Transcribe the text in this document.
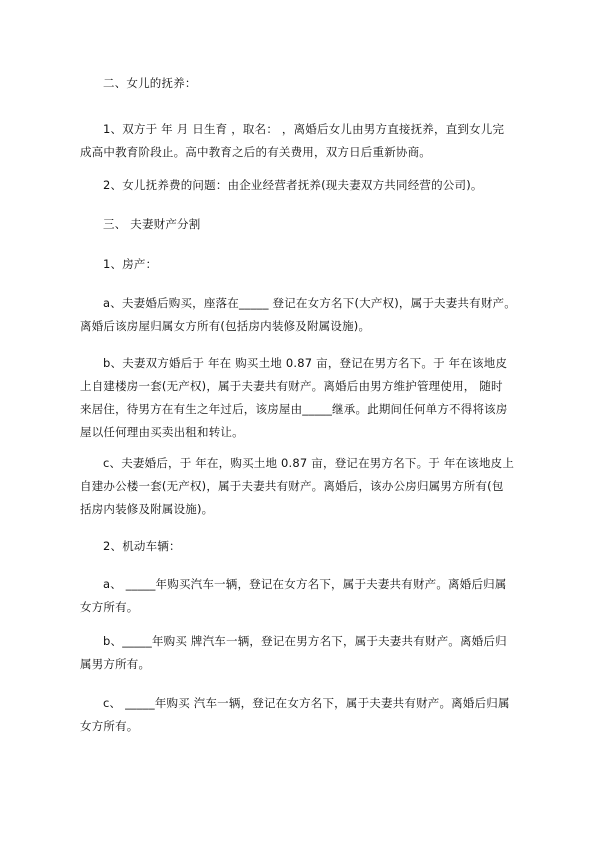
二、女儿的抚养：

1、双方于 年 月 日生育 ，取名： ，离婚后女儿由男方直接抚养，直到女儿完
成高中教育阶段止。高中教育之后的有关费用，双方日后重新协商。

2、女儿抚养费的问题：由企业经营者抚养(现夫妻双方共同经营的公司)。

三、 夫妻财产分割

1、房产：

a、夫妻婚后购买，座落在_____ 登记在女方名下(大产权)，属于夫妻共有财产。
离婚后该房屋归属女方所有(包括房内装修及附属设施)。
b、夫妻双方婚后于 年在 购买土地 0.87 亩，登记在男方名下。于 年在该地皮
上自建楼房一套(无产权)，属于夫妻共有财产。离婚后由男方维护管理使用， 随时
来居住，待男方在有生之年过后，该房屋由_____继承。此期间任何单方不得将该房
屋以任何理由买卖出租和转让。
c、夫妻婚后，于 年在，购买土地 0.87 亩，登记在男方名下。于 年在该地皮上
自建办公楼一套(无产权)，属于夫妻共有财产。离婚后，该办公房归属男方所有(包
括房内装修及附属设施)。

2、机动车辆：

a、 _____年购买汽车一辆，登记在女方名下，属于夫妻共有财产。离婚后归属
女方所有。
b、_____年购买 牌汽车一辆，登记在男方名下，属于夫妻共有财产。离婚后归
属男方所有。
c、 _____年购买 汽车一辆，登记在女方名下，属于夫妻共有财产。离婚后归属
女方所有。
